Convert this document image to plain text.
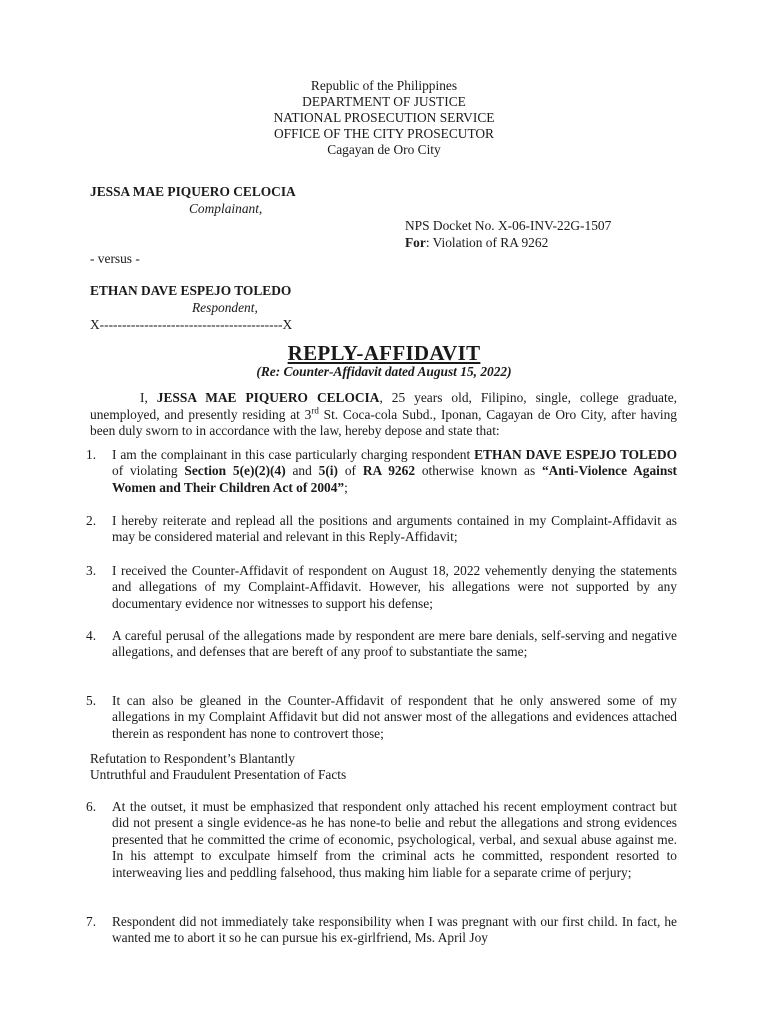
Republic of the Philippines
DEPARTMENT OF JUSTICE
NATIONAL PROSECUTION SERVICE
OFFICE OF THE CITY PROSECUTOR
Cagayan de Oro City
JESSA MAE PIQUERO CELOCIA
Complainant,
NPS Docket No. X-06-INV-22G-1507
For: Violation of RA 9262
- versus -
ETHAN DAVE ESPEJO TOLEDO
Respondent,
X-----------------------------------------X
REPLY-AFFIDAVIT
(Re: Counter-Affidavit dated August 15, 2022)
I, JESSA MAE PIQUERO CELOCIA, 25 years old, Filipino, single, college graduate, unemployed, and presently residing at 3rd St. Coca-cola Subd., Iponan, Cagayan de Oro City, after having been duly sworn to in accordance with the law, hereby depose and state that:
1. I am the complainant in this case particularly charging respondent ETHAN DAVE ESPEJO TOLEDO of violating Section 5(e)(2)(4) and 5(i) of RA 9262 otherwise known as “Anti-Violence Against Women and Their Children Act of 2004”;
2. I hereby reiterate and replead all the positions and arguments contained in my Complaint-Affidavit as may be considered material and relevant in this Reply-Affidavit;
3. I received the Counter-Affidavit of respondent on August 18, 2022 vehemently denying the statements and allegations of my Complaint-Affidavit. However, his allegations were not supported by any documentary evidence nor witnesses to support his defense;
4. A careful perusal of the allegations made by respondent are mere bare denials, self-serving and negative allegations, and defenses that are bereft of any proof to substantiate the same;
5. It can also be gleaned in the Counter-Affidavit of respondent that he only answered some of my allegations in my Complaint Affidavit but did not answer most of the allegations and evidences attached therein as respondent has none to controvert those;
Refutation to Respondent’s Blantantly
Untruthful and Fraudulent Presentation of Facts
6. At the outset, it must be emphasized that respondent only attached his recent employment contract but did not present a single evidence-as he has none-to belie and rebut the allegations and strong evidences presented that he committed the crime of economic, psychological, verbal, and sexual abuse against me. In his attempt to exculpate himself from the criminal acts he committed, respondent resorted to interweaving lies and peddling falsehood, thus making him liable for a separate crime of perjury;
7. Respondent did not immediately take responsibility when I was pregnant with our first child. In fact, he wanted me to abort it so he can pursue his ex-girlfriend, Ms. April Joy
